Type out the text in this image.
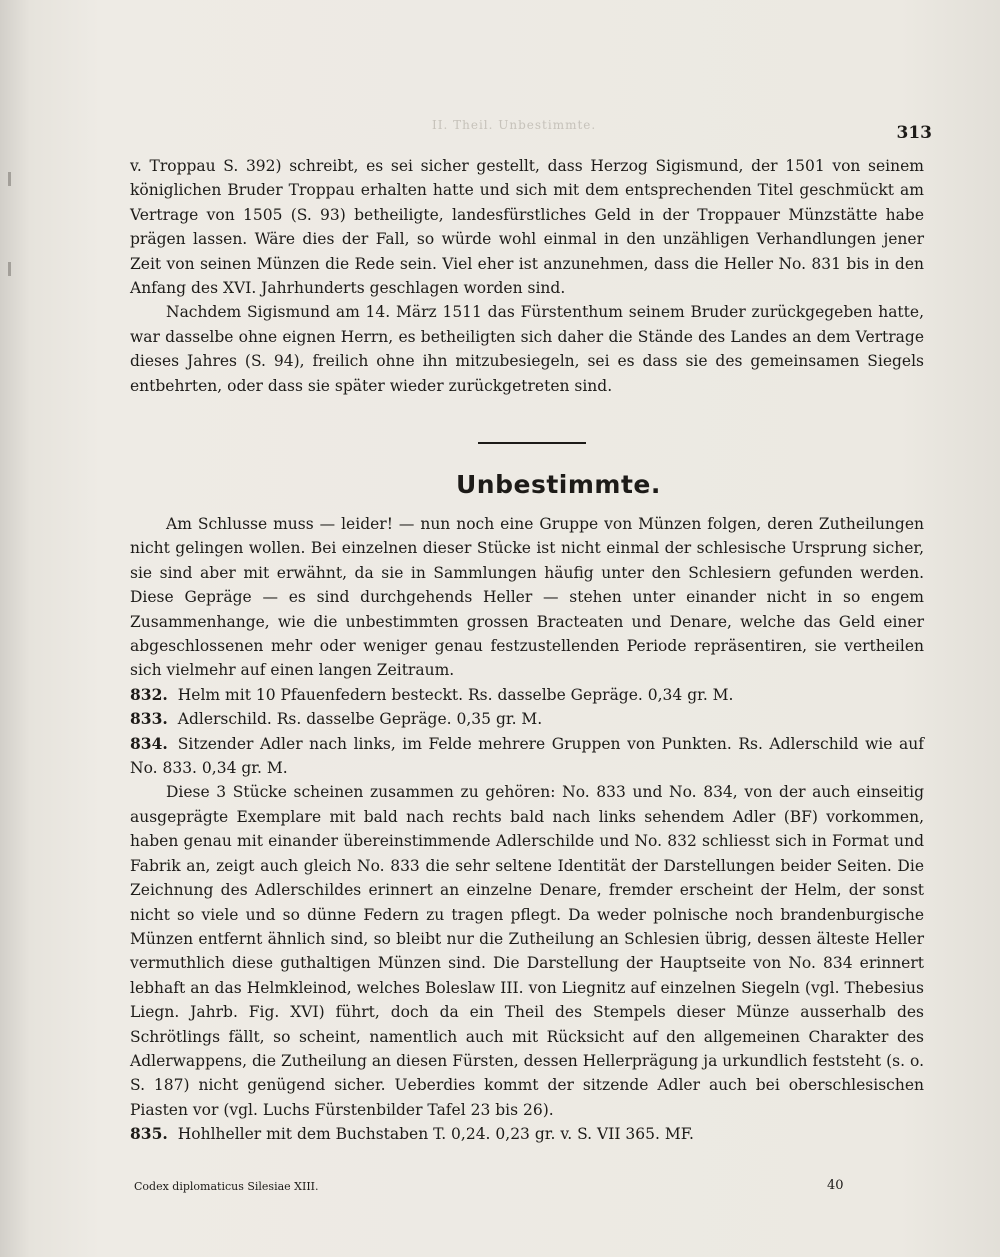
II. Theil. Unbestimmte.	313

v. Troppau S. 392) schreibt, es sei sicher gestellt, dass Herzog Sigismund, der 1501 von seinem königlichen Bruder Troppau erhalten hatte und sich mit dem entsprechenden Titel geschmückt am Vertrage von 1505 (S. 93) betheiligte, landesfürstliches Geld in der Troppauer Münzstätte habe prägen lassen. Wäre dies der Fall, so würde wohl einmal in den unzähligen Verhandlungen jener Zeit von seinen Münzen die Rede sein. Viel eher ist anzunehmen, dass die Heller No. 831 bis in den Anfang des XVI. Jahrhunderts geschlagen worden sind.

Nachdem Sigismund am 14. März 1511 das Fürstenthum seinem Bruder zurückgegeben hatte, war dasselbe ohne eignen Herrn, es betheiligten sich daher die Stände des Landes an dem Vertrage dieses Jahres (S. 94), freilich ohne ihn mitzubesiegeln, sei es dass sie des gemeinsamen Siegels entbehrten, oder dass sie später wieder zurückgetreten sind.

Unbestimmte.

Am Schlusse muss — leider! — nun noch eine Gruppe von Münzen folgen, deren Zutheilungen nicht gelingen wollen. Bei einzelnen dieser Stücke ist nicht einmal der schlesische Ursprung sicher, sie sind aber mit erwähnt, da sie in Sammlungen häufig unter den Schlesiern gefunden werden. Diese Gepräge — es sind durchgehends Heller — stehen unter einander nicht in so engem Zusammenhange, wie die unbestimmten grossen Bracteaten und Denare, welche das Geld einer abgeschlossenen mehr oder weniger genau festzustellenden Periode repräsentiren, sie vertheilen sich vielmehr auf einen langen Zeitraum.

832. Helm mit 10 Pfauenfedern besteckt. Rs. dasselbe Gepräge. 0,34 gr. M.

833. Adlerschild. Rs. dasselbe Gepräge. 0,35 gr. M.

834. Sitzender Adler nach links, im Felde mehrere Gruppen von Punkten. Rs. Adlerschild wie auf No. 833. 0,34 gr. M.

Diese 3 Stücke scheinen zusammen zu gehören: No. 833 und No. 834, von der auch einseitig ausgeprägte Exemplare mit bald nach rechts bald nach links sehendem Adler (BF) vorkommen, haben genau mit einander übereinstimmende Adlerschilde und No. 832 schliesst sich in Format und Fabrik an, zeigt auch gleich No. 833 die sehr seltene Identität der Darstellungen beider Seiten. Die Zeichnung des Adlerschildes erinnert an einzelne Denare, fremder erscheint der Helm, der sonst nicht so viele und so dünne Federn zu tragen pflegt. Da weder polnische noch brandenburgische Münzen entfernt ähnlich sind, so bleibt nur die Zutheilung an Schlesien übrig, dessen älteste Heller vermuthlich diese guthaltigen Münzen sind. Die Darstellung der Hauptseite von No. 834 erinnert lebhaft an das Helmkleinod, welches Boleslaw III. von Liegnitz auf einzelnen Siegeln (vgl. Thebesius Liegn. Jahrb. Fig. XVI) führt, doch da ein Theil des Stempels dieser Münze ausserhalb des Schrötlings fällt, so scheint, namentlich auch mit Rücksicht auf den allgemeinen Charakter des Adlerwappens, die Zutheilung an diesen Fürsten, dessen Hellerprägung ja urkundlich feststeht (s. o. S. 187) nicht genügend sicher. Ueberdies kommt der sitzende Adler auch bei oberschlesischen Piasten vor (vgl. Luchs Fürstenbilder Tafel 23 bis 26).

835. Hohlheller mit dem Buchstaben T. 0,24. 0,23 gr. v. S. VII 365. MF.

Codex diplomaticus Silesiae XIII.	40
